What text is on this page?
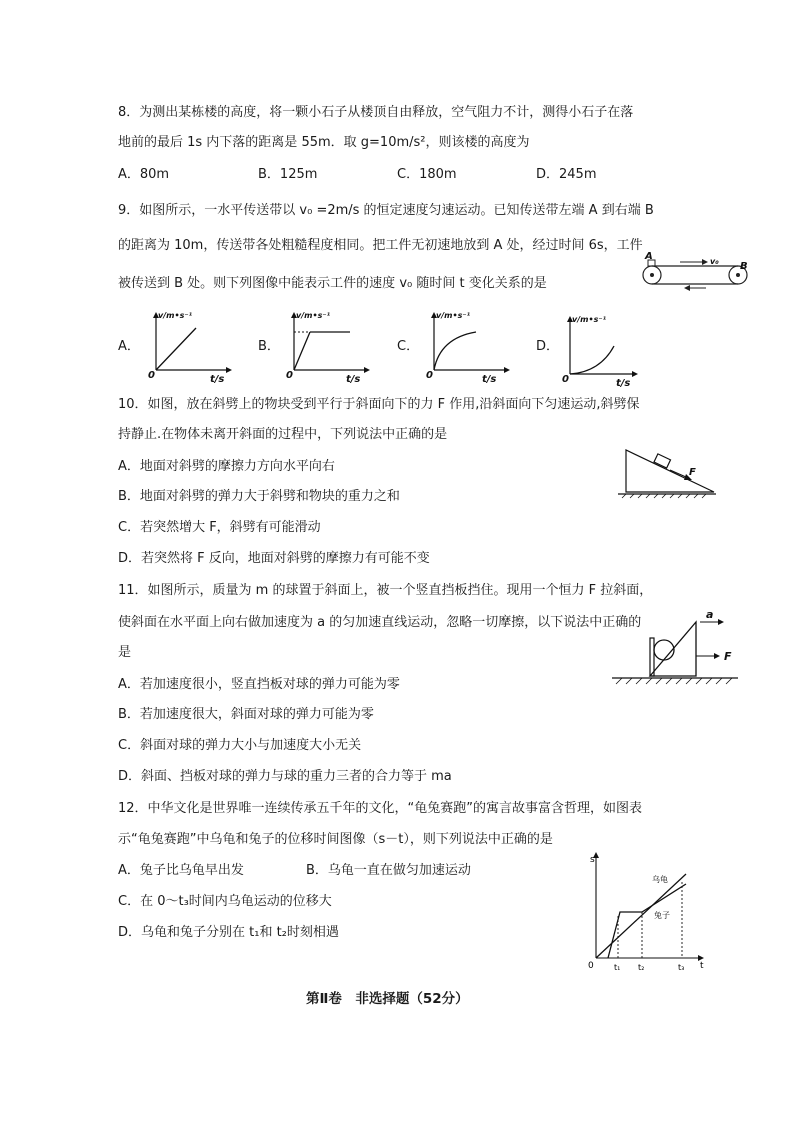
8．为测出某栋楼的高度，将一颗小石子从楼顶自由释放，空气阻力不计，测得小石子在落
地前的最后 1s 内下落的距离是 55m．取 g=10m/s²，则该楼的高度为
A．80m	B．125m	C．180m	D．245m
9．如图所示，一水平传送带以 v₀ =2m/s 的恒定速度匀速运动。已知传送带左端 A 到右端 B
的距离为 10m，传送带各处粗糙程度相同。把工件无初速地放到 A 处，经过时间 6s，工件
被传送到 B 处。则下列图像中能表示工件的速度 v₀ 随时间 t 变化关系的是
A
B
v₀
A．	B．	C．	D．
v/m•s⁻¹
t/s
0
v/m•s⁻¹
t/s
0
v/m•s⁻¹
t/s
0
v/m•s⁻¹
t/s
0
10．如图，放在斜劈上的物块受到平行于斜面向下的力 F 作用,沿斜面向下匀速运动,斜劈保
持静止.在物体未离开斜面的过程中，下列说法中正确的是
A．地面对斜劈的摩擦力方向水平向右
B．地面对斜劈的弹力大于斜劈和物块的重力之和
C．若突然增大 F，斜劈有可能滑动
D．若突然将 F 反向，地面对斜劈的摩擦力有可能不变
F
11．如图所示，质量为 m 的球置于斜面上，被一个竖直挡板挡住。现用一个恒力 F 拉斜面，
使斜面在水平面上向右做加速度为 a 的匀加速直线运动，忽略一切摩擦，以下说法中正确的
是
A．若加速度很小，竖直挡板对球的弹力可能为零
B．若加速度很大，斜面对球的弹力可能为零
C．斜面对球的弹力大小与加速度大小无关
D．斜面、挡板对球的弹力与球的重力三者的合力等于 ma
a
F
12．中华文化是世界唯一连续传承五千年的文化，“龟兔赛跑”的寓言故事富含哲理，如图表
示“龟兔赛跑”中乌龟和兔子的位移时间图像（s－t），则下列说法中正确的是
A．兔子比乌龟早出发	B．乌龟一直在做匀加速运动
C．在 0～t₃时间内乌龟运动的位移大
D．乌龟和兔子分别在 t₁和 t₂时刻相遇
s
t
0	t₁ t₂	t₃
乌龟
兔子
第Ⅱ卷　非选择题（52分）
